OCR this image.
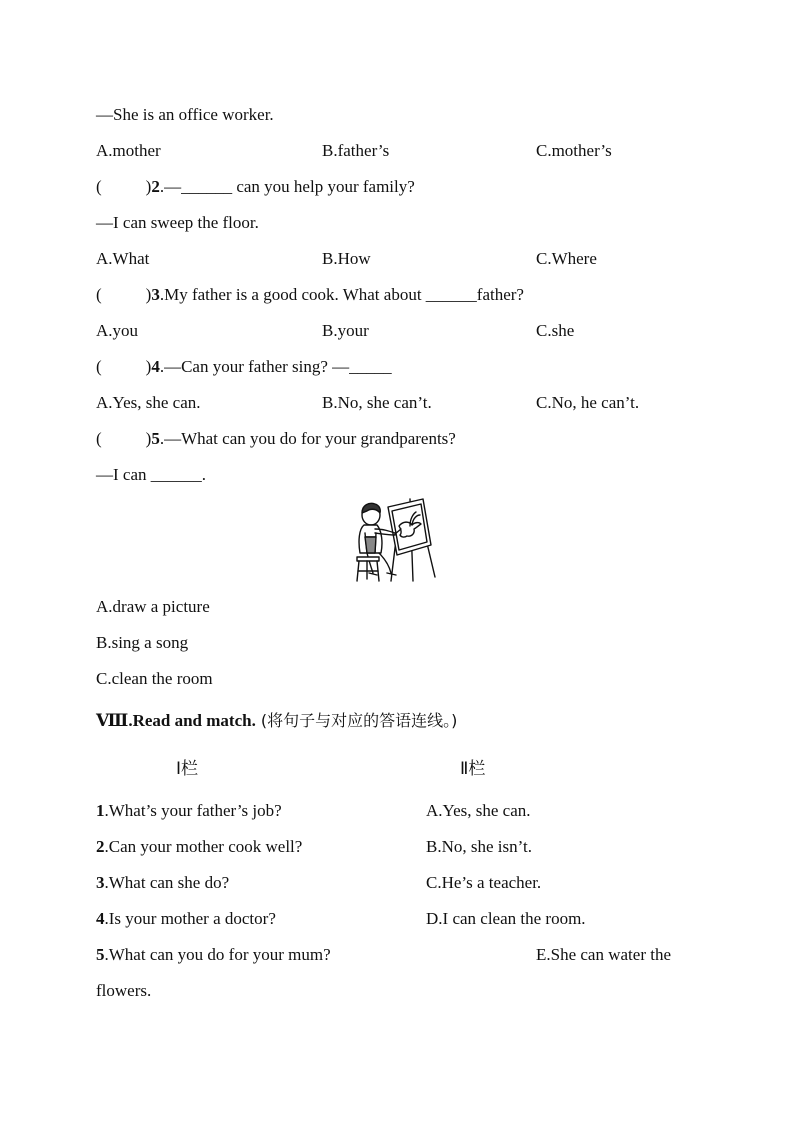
—She is an office worker.
A.mother	B.father’s	C.mother’s
(	)2.—______ can you help your family?
—I can sweep the floor.
A.What	B.How	C.Where
(	)3.My father is a good cook. What about ______father?
A.you	B.your	C.she
(	)4.—Can your father sing? —_____
A.Yes, she can.	B.No, she can’t.	C.No, he can’t.
(	)5.—What can you do for your grandparents?
—I can ______.
A.draw a picture
B.sing a song
C.clean the room
Ⅷ.Read and match. (将句子与对应的答语连线。)
Ⅰ栏	Ⅱ栏
1.What’s your father’s job?	A.Yes, she can.
2.Can your mother cook well?	B.No, she isn’t.
3.What can she do?	C.He’s a teacher.
4.Is your mother a doctor?	D.I can clean the room.
5.What can you do for your mum?	E.She can water the
flowers.
